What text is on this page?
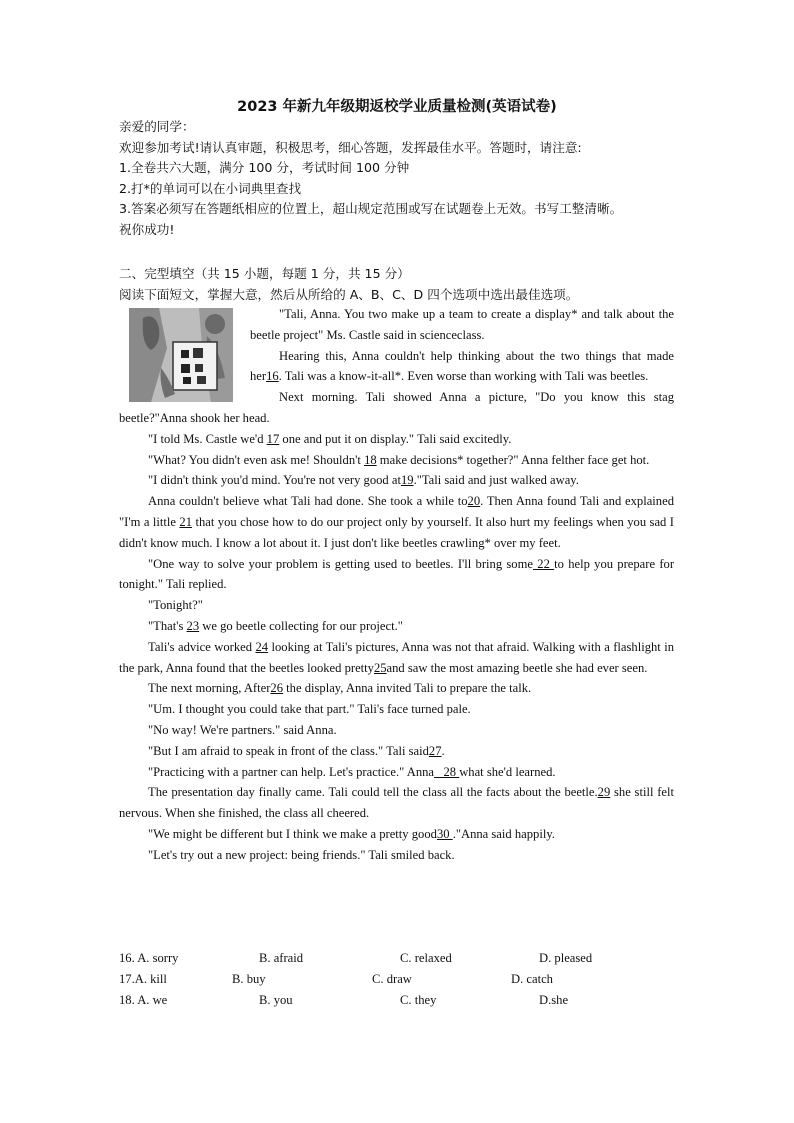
2023 年新九年级期返校学业质量检测(英语试卷)
亲爱的同学：
欢迎参加考试!请认真审题，积极思考，细心答题，发挥最佳水平。答题时，请注意:
1.全卷共六大题，满分 100 分，考试时间 100 分钟
2.打*的单词可以在小词典里查找
3.答案必须写在答题纸相应的位置上，超山规定范围或写在试题卷上无效。书写工整清晰。
祝你成功!
二、完型填空（共 15 小题，每题 1 分，共 15 分）
阅读下面短文，掌握大意，然后从所给的 A、B、C、D 四个选项中选出最佳选项。

"Tali, Anna. You two make up a team to create a display* and talk about the beetle project" Ms. Castle said in scienceclass.

Hearing this, Anna couldn't help thinking about the two things that made her16. Tali was a know-it-all*. Even worse than working with Tali was beetles.

Next morning. Tali showed Anna a picture, "Do you know this stag beetle?"Anna shook her head.

"I told Ms. Castle we'd 17 one and put it on display." Tali said excitedly.

"What? You didn't even ask me! Shouldn't 18 make decisions* together?" Anna felther face get hot.

"I didn't think you'd mind. You're not very good at19."Tali said and just walked away.

Anna couldn't believe what Tali had done. She took a while to20. Then Anna found Tali and explained "I'm a little 21 that you chose how to do our project only by yourself. It also hurt my feelings when you sad I didn't know much. I know a lot about it. I just don't like beetles crawling* over my feet.

"One way to solve your problem is getting used to beetles. I'll bring some 22 to help you prepare for tonight." Tali replied.

"Tonight?"

"That's 23 we go beetle collecting for our project."

Tali's advice worked 24 looking at Tali's pictures, Anna was not that afraid. Walking with a flashlight in the park, Anna found that the beetles looked pretty25and saw the most amazing beetle she had ever seen.

The next morning, After26 the display, Anna invited Tali to prepare the talk.

"Um. I thought you could take that part." Tali's face turned pale.

"No way! We're partners." said Anna.

"But I am afraid to speak in front of the class." Tali said27.

"Practicing with a partner can help. Let's practice." Anna   28 what she'd learned.

The presentation day finally came. Tali could tell the class all the facts about the beetle.29 she still felt nervous. When she finished, the class all cheered.

"We might be different but I think we make a pretty good30 ."Anna said happily.

"Let's try out a new project: being friends." Tali smiled back.

16. A. sorry	B. afraid	C. relaxed	D. pleased
17.A. kill	B. buy	C. draw	D. catch
18. A. we	B. you	C. they	D.she
